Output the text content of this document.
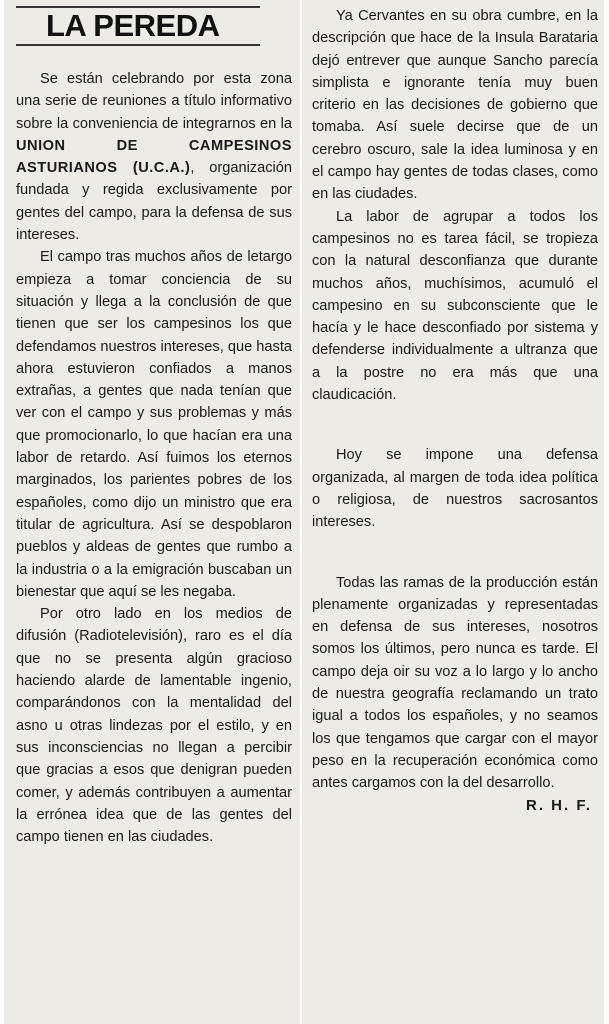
LA PEREDA

Se están celebrando por esta zona una serie de reuniones a título informativo sobre la conveniencia de integrarnos en la UNION DE CAMPESINOS ASTURIANOS (U.C.A.), organización fundada y regida exclusivamente por gentes del campo, para la defensa de sus intereses.

El campo tras muchos años de letargo empieza a tomar conciencia de su situación y llega a la conclusión de que tienen que ser los campesinos los que defendamos nuestros intereses, que hasta ahora estuvieron confiados a manos extrañas, a gentes que nada tenían que ver con el campo y sus problemas y más que promocionarlo, lo que hacían era una labor de retardo. Así fuimos los eternos marginados, los parientes pobres de los españoles, como dijo un ministro que era titular de agricultura. Así se despoblaron pueblos y aldeas de gentes que rumbo a la industria o a la emigración buscaban un bienestar que aquí se les negaba.

Por otro lado en los medios de difusión (Radiotelevisión), raro es el día que no se presenta algún gracioso haciendo alarde de lamentable ingenio, comparándonos con la mentalidad del asno u otras lindezas por el estilo, y en sus inconsciencias no llegan a percibir que gracias a esos que denigran pueden comer, y además contribuyen a aumentar la errónea idea que de las gentes del campo tienen en las ciudades.

Ya Cervantes en su obra cumbre, en la descripción que hace de la Insula Barataria dejó entrever que aunque Sancho parecía simplista e ignorante tenía muy buen criterio en las decisiones de gobierno que tomaba. Así suele decirse que de un cerebro oscuro, sale la idea luminosa y en el campo hay gentes de todas clases, como en las ciudades.

La labor de agrupar a todos los campesinos no es tarea fácil, se tropieza con la natural desconfianza que durante muchos años, muchísimos, acumuló el campesino en su subconsciente que le hacía y le hace desconfiado por sistema y defenderse individualmente a ultranza que a la postre no era más que una claudicación.

Hoy se impone una defensa organizada, al margen de toda idea política o religiosa, de nuestros sacrosantos intereses.

Todas las ramas de la producción están plenamente organizadas y representadas en defensa de sus intereses, nosotros somos los últimos, pero nunca es tarde. El campo deja oir su voz a lo largo y lo ancho de nuestra geografía reclamando un trato igual a todos los españoles, y no seamos los que tengamos que cargar con el mayor peso en la recuperación económica como antes cargamos con la del desarrollo.

R. H. F.
